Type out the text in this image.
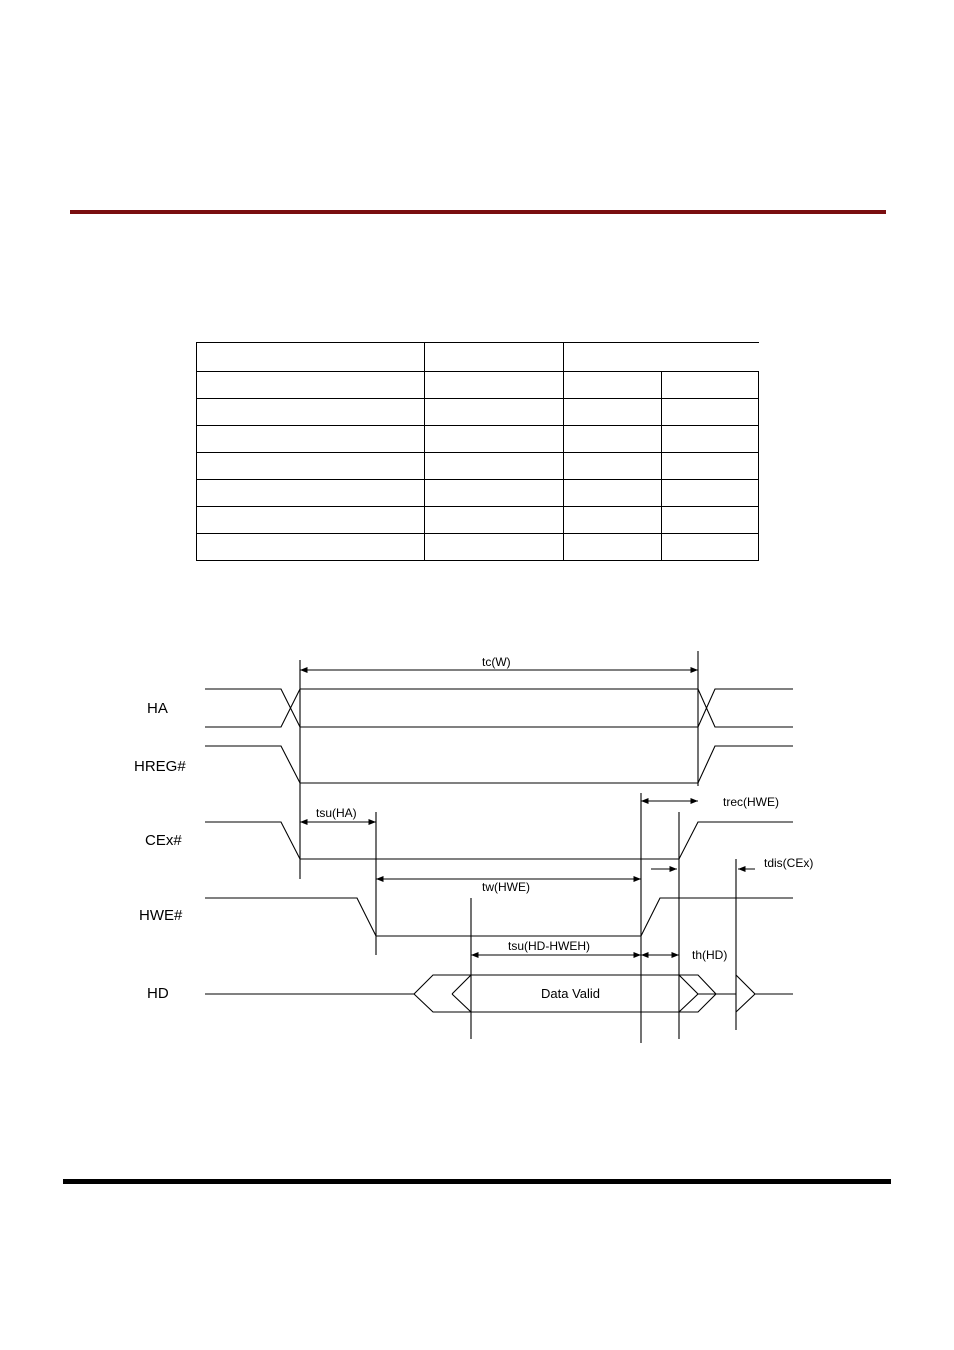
HA
HREG#
CEx#
HWE#
HD
tc(W)
tsu(HA)
trec(HWE)
tdis(CEx)
tw(HWE)
tsu(HD-HWEH)
th(HD)
Data Valid
